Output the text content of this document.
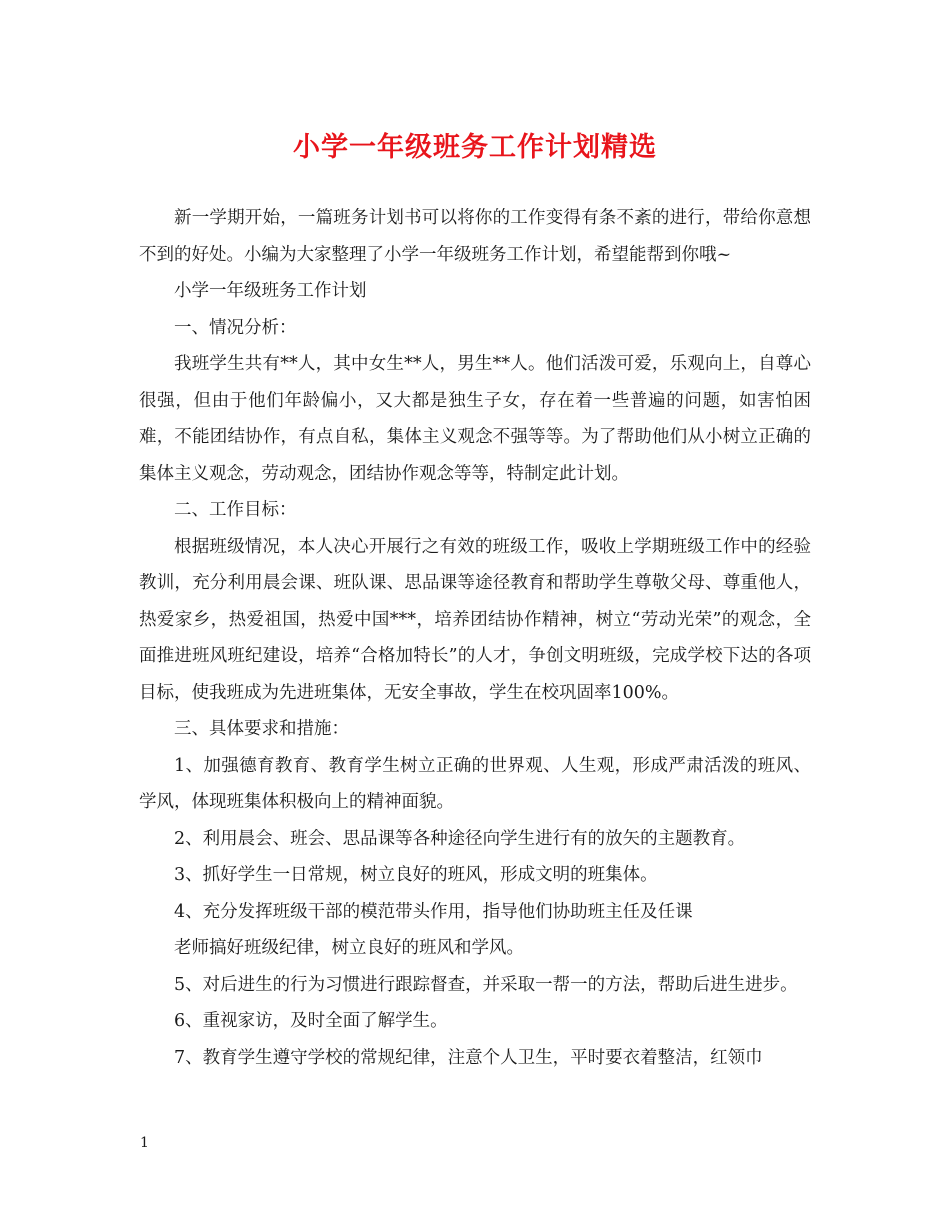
小学一年级班务工作计划精选

新一学期开始，一篇班务计划书可以将你的工作变得有条不紊的进行，带给你意想不到的好处。小编为大家整理了小学一年级班务工作计划，希望能帮到你哦~

小学一年级班务工作计划

一、情况分析：

我班学生共有**人，其中女生**人，男生**人。他们活泼可爱，乐观向上，自尊心很强，但由于他们年龄偏小，又大都是独生子女，存在着一些普遍的问题，如害怕困难，不能团结协作，有点自私，集体主义观念不强等等。为了帮助他们从小树立正确的集体主义观念，劳动观念，团结协作观念等等，特制定此计划。

二、工作目标：

根据班级情况，本人决心开展行之有效的班级工作，吸收上学期班级工作中的经验教训，充分利用晨会课、班队课、思品课等途径教育和帮助学生尊敬父母、尊重他人，热爱家乡，热爱祖国，热爱中国***，培养团结协作精神，树立“劳动光荣”的观念，全面推进班风班纪建设，培养“合格加特长”的人才，争创文明班级，完成学校下达的各项目标，使我班成为先进班集体，无安全事故，学生在校巩固率100%。

三、具体要求和措施：

1、加强德育教育、教育学生树立正确的世界观、人生观，形成严肃活泼的班风、学风，体现班集体积极向上的精神面貌。

2、利用晨会、班会、思品课等各种途径向学生进行有的放矢的主题教育。

3、抓好学生一日常规，树立良好的班风，形成文明的班集体。

4、充分发挥班级干部的模范带头作用，指导他们协助班主任及任课

老师搞好班级纪律，树立良好的班风和学风。

5、对后进生的行为习惯进行跟踪督查，并采取一帮一的方法，帮助后进生进步。

6、重视家访，及时全面了解学生。

7、教育学生遵守学校的常规纪律，注意个人卫生，平时要衣着整洁，红领巾

1
